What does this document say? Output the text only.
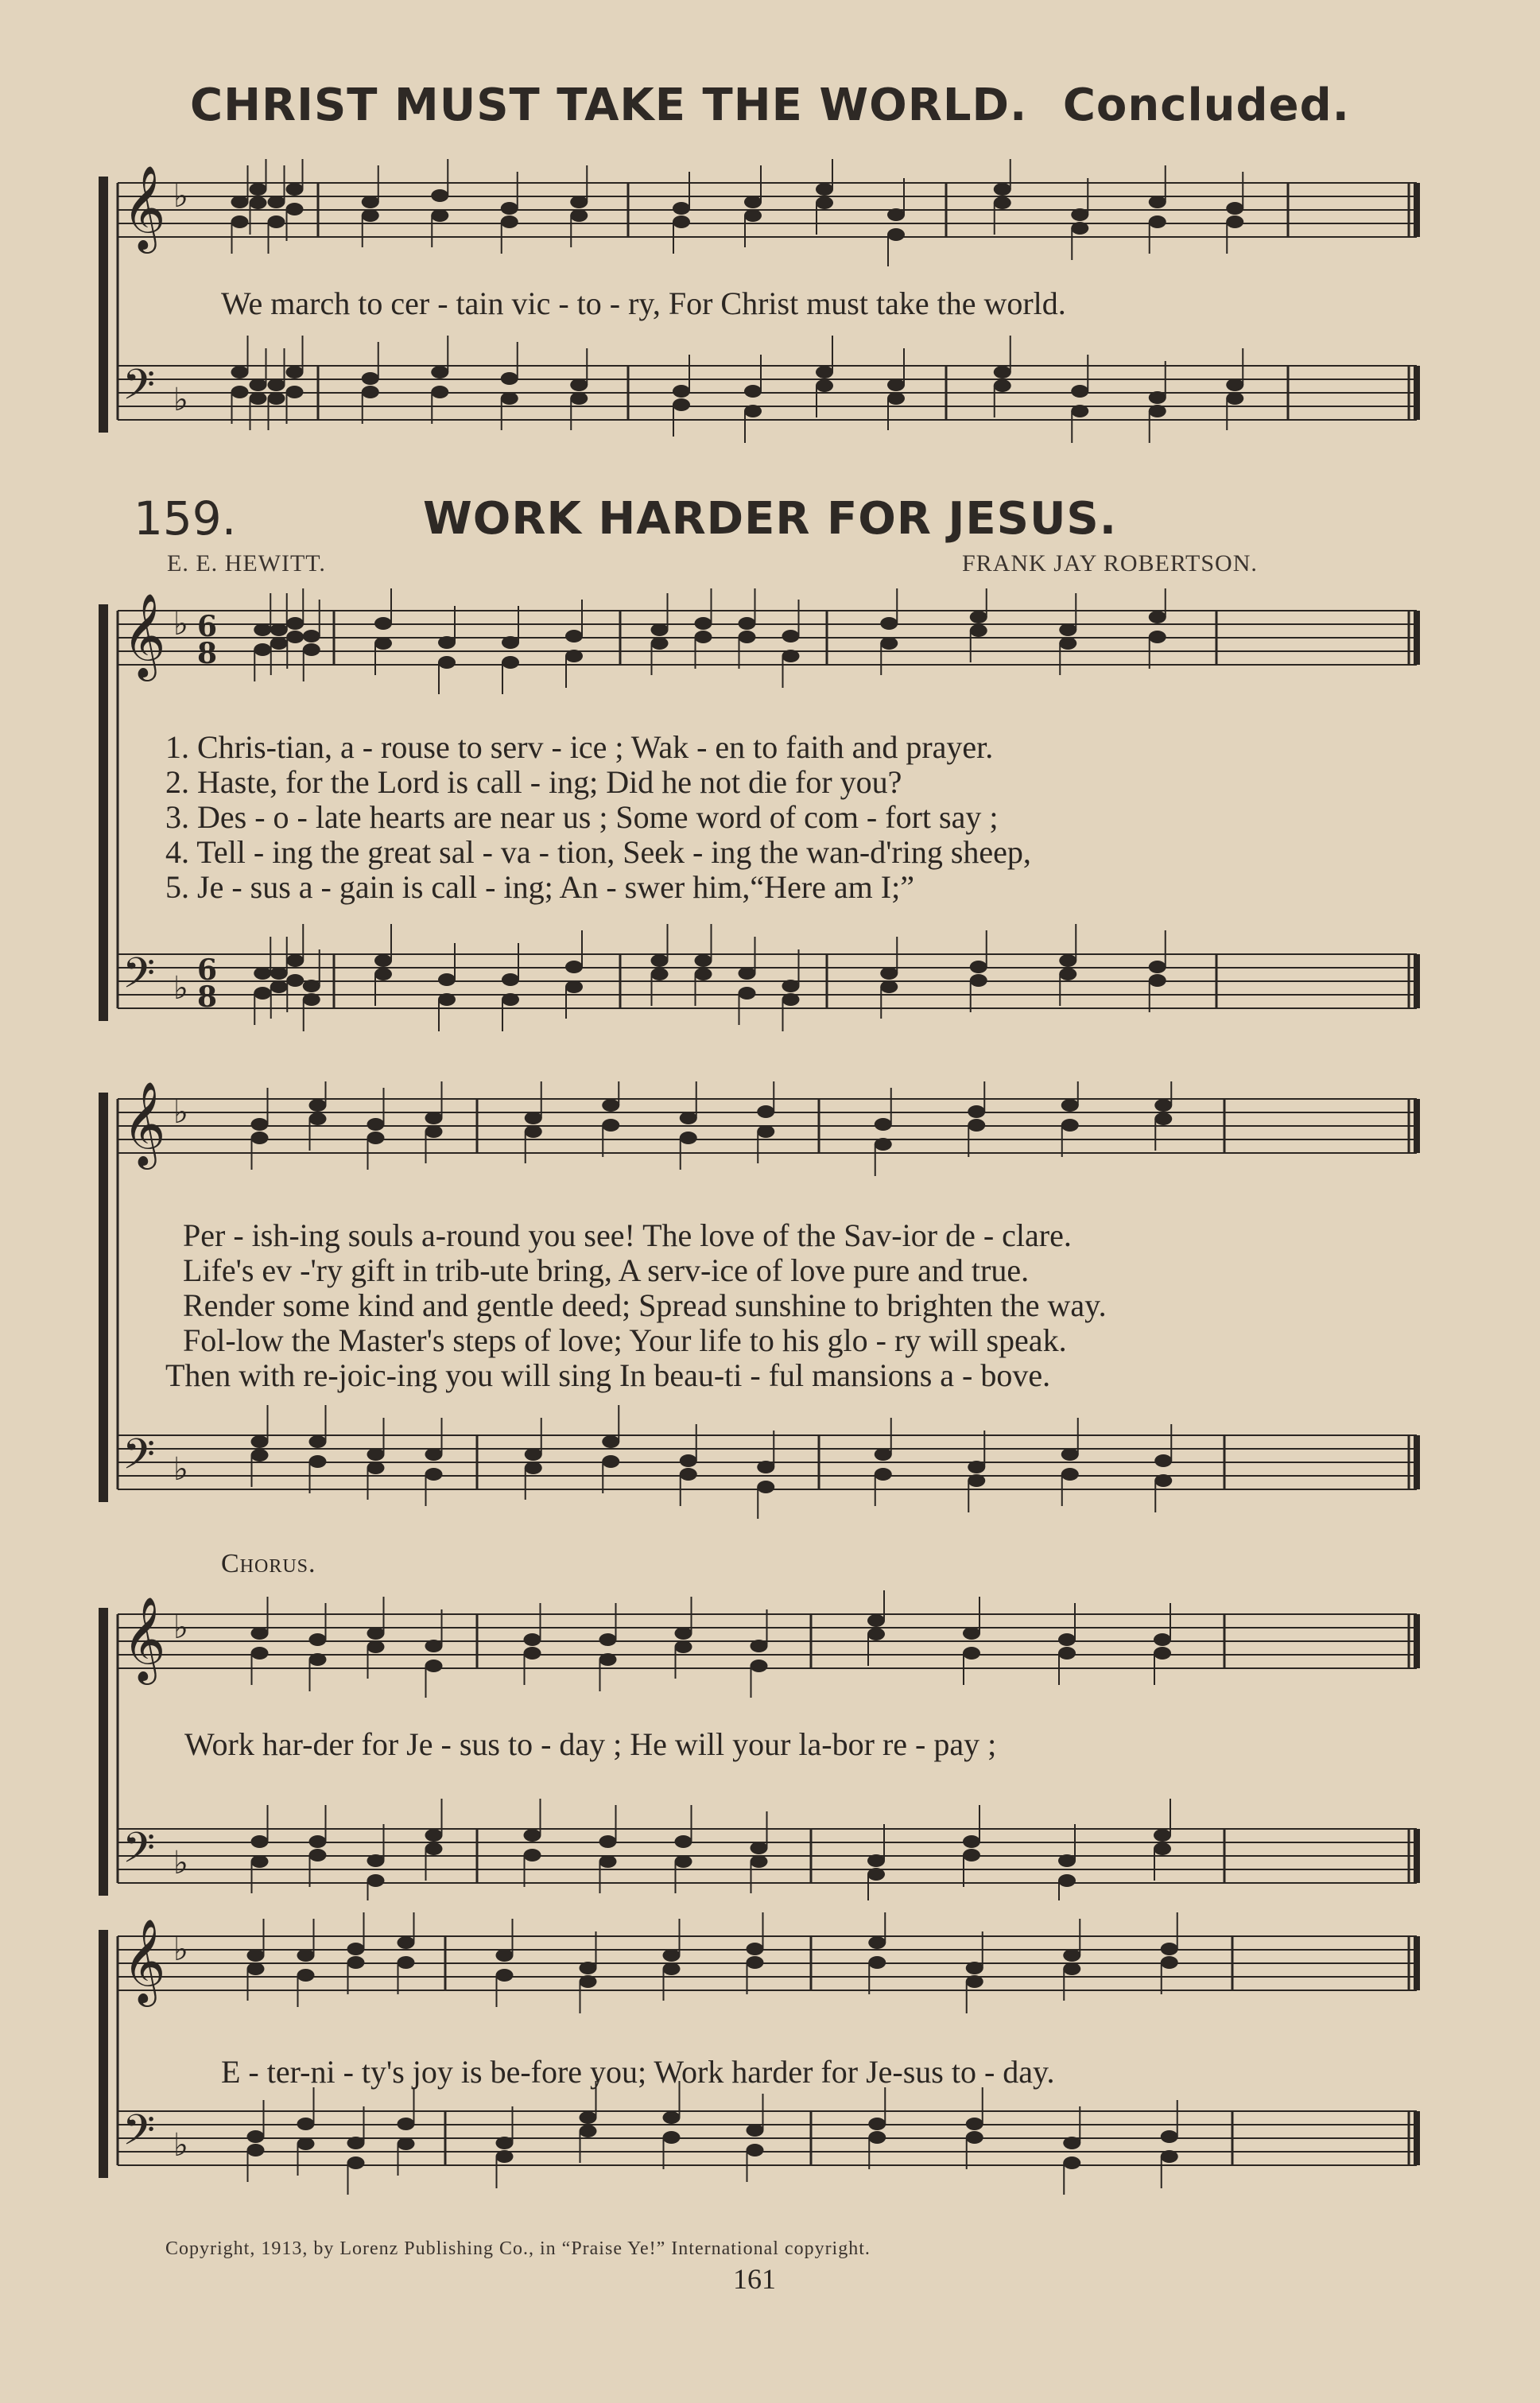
CHRIST MUST TAKE THE WORLD. Concluded.
𝄞 ♭
𝄢 ♭
We march to cer - tain vic - to - ry, For Christ must take the world.
159.	WORK HARDER FOR JESUS.
E. E. HEWITT.	FRANK JAY ROBERTSON.
𝄞 ♭ 6
8
𝄢 ♭ 6
8
1. Chris-tian, a - rouse to serv - ice ; Wak - en to faith and prayer.
2. Haste, for the Lord is call - ing; Did he not die for you?
3. Des - o - late hearts are near us ; Some word of com - fort say ;
4. Tell - ing the great sal - va - tion, Seek - ing the wan-d'ring sheep,
5. Je - sus a - gain is call - ing; An - swer him,“Here am I;”
𝄞 ♭
𝄢 ♭
Per - ish-ing souls a-round you see! The love of the Sav-ior de - clare.
Life's ev -'ry gift in trib-ute bring, A serv-ice of love pure and true.
Render some kind and gentle deed; Spread sunshine to brighten the way.
Fol-low the Master's steps of love; Your life to his glo - ry will speak.
Then with re-joic-ing you will sing In beau-ti - ful mansions a - bove.
Chorus.
𝄞 ♭
𝄢 ♭
Work har-der for Je - sus to - day ; He will your la-bor re - pay ;
𝄞 ♭
𝄢 ♭
E - ter-ni - ty's joy is be-fore you; Work harder for Je-sus to - day.
Copyright, 1913, by Lorenz Publishing Co., in “Praise Ye!” International copyright.
161
